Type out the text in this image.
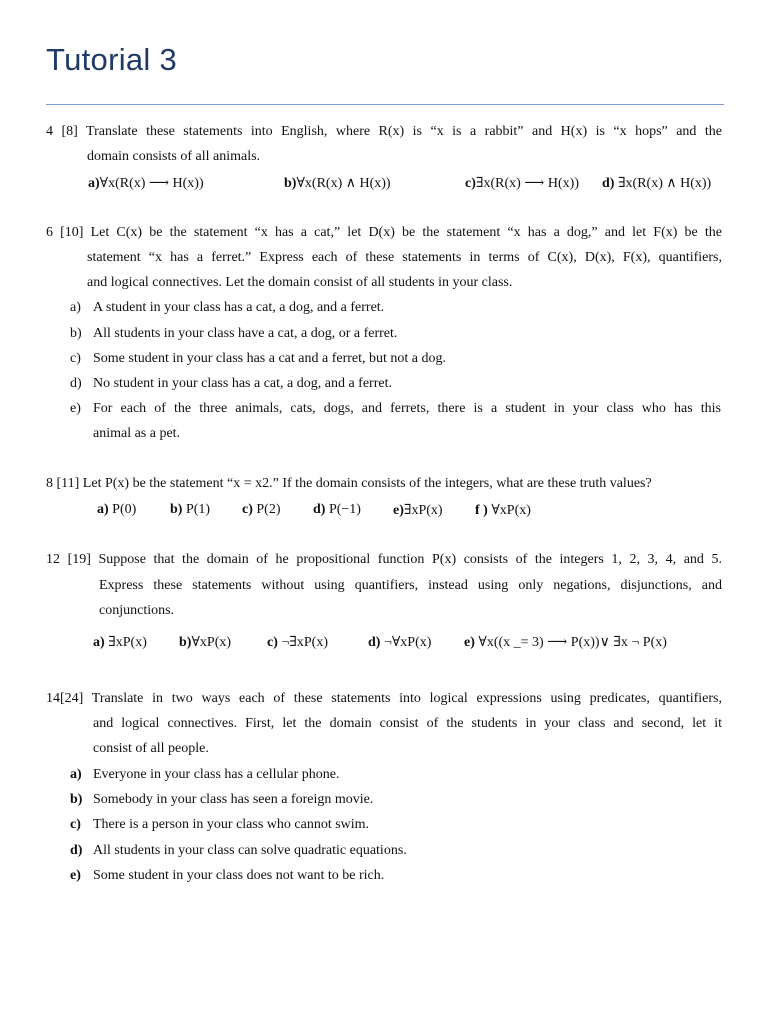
Tutorial 3
4 [8] Translate these statements into English, where R(x) is “x is a rabbit” and H(x) is “x hops” and the
domain consists of all animals.
a)∀x(R(x) ⟶ H(x))	b)∀x(R(x) ∧ H(x))	c)∃x(R(x) ⟶ H(x)) d) ∃x(R(x) ∧ H(x))
6 [10] Let C(x) be the statement “x has a cat,” let D(x) be the statement “x has a dog,” and let F(x) be the
statement “x has a ferret.” Express each of these statements in terms of C(x), D(x), F(x), quantifiers,
and logical connectives. Let the domain consist of all students in your class.
a) A student in your class has a cat, a dog, and a ferret.
b) All students in your class have a cat, a dog, or a ferret.
c) Some student in your class has a cat and a ferret, but not a dog.
d) No student in your class has a cat, a dog, and a ferret.
e) For each of the three animals, cats, dogs, and ferrets, there is a student in your class who has this
animal as a pet.
8 [11] Let P(x) be the statement “x = x2.” If the domain consists of the integers, what are these truth values?
a) P(0) b) P(1) c) P(2) d) P(−1) e)∃xP(x) f ) ∀xP(x)
12 [19] Suppose that the domain of he propositional function P(x) consists of the integers 1, 2, 3, 4, and 5.
Express these statements without using quantifiers, instead using only negations, disjunctions, and
conjunctions.
a) ∃xP(x) b)∀xP(x)	c) ¬∃xP(x)	d) ¬∀xP(x) e) ∀x((x _= 3) ⟶ P(x))∨ ∃x ¬ P(x)
14[24] Translate in two ways each of these statements into logical expressions using predicates, quantifiers,
and logical connectives. First, let the domain consist of the students in your class and second, let it
consist of all people.
a) Everyone in your class has a cellular phone.
b) Somebody in your class has seen a foreign movie.
c) There is a person in your class who cannot swim.
d) All students in your class can solve quadratic equations.
e) Some student in your class does not want to be rich.
